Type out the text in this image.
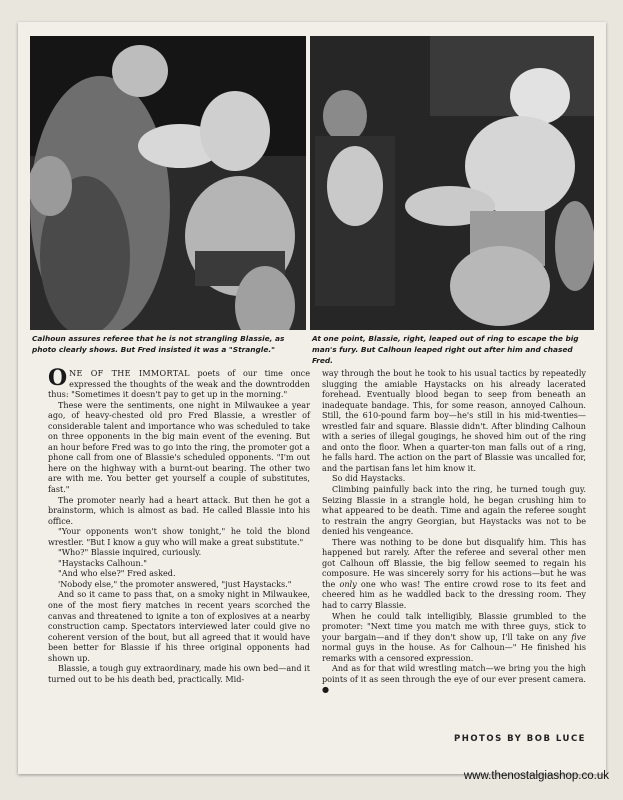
Calhoun assures referee that he is not strangling Blassie, as photo clearly shows. But Fred insisted it was a "Strangle."
At one point, Blassie, right, leaped out of ring to escape the big man's fury. But Calhoun leaped right out after him and chased Fred.

ONE OF THE IMMORTAL poets of our time once expressed the thoughts of the weak and the downtrodden thus: "Sometimes it doesn't pay to get up in the morning."

These were the sentiments, one night in Milwaukee a year ago, of heavy-chested old pro Fred Blassie, a wrestler of considerable talent and importance who was scheduled to take on three opponents in the big main event of the evening. But an hour before Fred was to go into the ring, the promoter got a phone call from one of Blassie's scheduled opponents. "I'm out here on the highway with a burnt-out bearing. The other two are with me. You better get yourself a couple of substitutes, fast."

The promoter nearly had a heart attack. But then he got a brainstorm, which is almost as bad. He called Blassie into his office.

"Your opponents won't show tonight," he told the blond wrestler. "But I know a guy who will make a great substitute."

"Who?" Blassie inquired, curiously.

"Haystacks Calhoun."

"And who else?" Fred asked.

'Nobody else," the promoter answered, "just Haystacks."

And so it came to pass that, on a smoky night in Milwaukee, one of the most fiery matches in recent years scorched the canvas and threatened to ignite a ton of explosives at a nearby construction camp. Spectators interviewed later could give no coherent version of the bout, but all agreed that it would have been better for Blassie if his three original opponents had shown up.

Blassie, a tough guy extraordinary, made his own bed—and it turned out to be his death bed, practically. Mid-

way through the bout he took to his usual tactics by repeatedly slugging the amiable Haystacks on his already lacerated forehead. Eventually blood began to seep from beneath an inadequate bandage. This, for some reason, annoyed Calhoun. Still, the 610-pound farm boy—he's still in his mid-twenties—wrestled fair and square. Blassie didn't. After blinding Calhoun with a series of illegal gougings, he shoved him out of the ring and onto the floor. When a quarter-ton man falls out of a ring, he falls hard. The action on the part of Blassie was uncalled for, and the partisan fans let him know it.

So did Haystacks.

Climbing painfully back into the ring, he turned tough guy. Seizing Blassie in a strangle hold, he began crushing him to what appeared to be death. Time and again the referee sought to restrain the angry Georgian, but Haystacks was not to be denied his vengeance.

There was nothing to be done but disqualify him. This has happened but rarely. After the referee and several other men got Calhoun off Blassie, the big fellow seemed to regain his composure. He was sincerely sorry for his actions—but he was the only one who was! The entire crowd rose to its feet and cheered him as he waddled back to the dressing room. They had to carry Blassie.

When he could talk intelligibly, Blassie grumbled to the promoter: "Next time you match me with three guys, stick to your bargain—and if they don't show up, I'll take on any five normal guys in the house. As for Calhoun—" He finished his remarks with a censored expression.

And as for that wild wrestling match—we bring you the high points of it as seen through the eye of our ever present camera. ●

PHOTOS BY BOB LUCE
www.thenostalgiashop.co.uk
